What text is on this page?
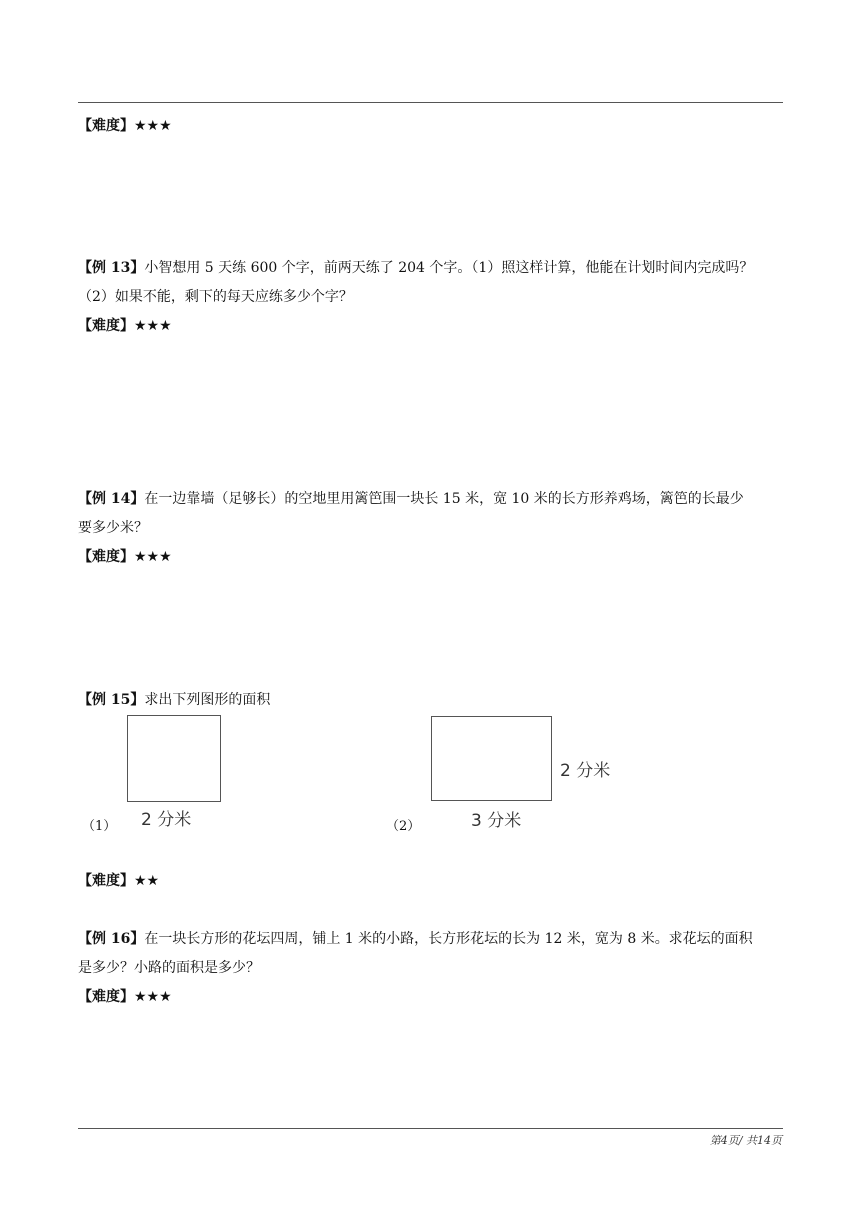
【难度】★★★
【例 13】小智想用 5 天练 600 个字，前两天练了 204 个字。（1）照这样计算，他能在计划时间内完成吗？
（2）如果不能，剩下的每天应练多少个字？
【难度】★★★
【例 14】在一边靠墙（足够长）的空地里用篱笆围一块长 15 米，宽 10 米的长方形养鸡场，篱笆的长最少
要多少米？
【难度】★★★
【例 15】求出下列图形的面积
（1） 2 分米
2 分米
（2）	3 分米
【难度】★★
【例 16】在一块长方形的花坛四周，铺上 1 米的小路，长方形花坛的长为 12 米，宽为 8 米。求花坛的面积
是多少？小路的面积是多少？
【难度】★★★
第4页/ 共14页
